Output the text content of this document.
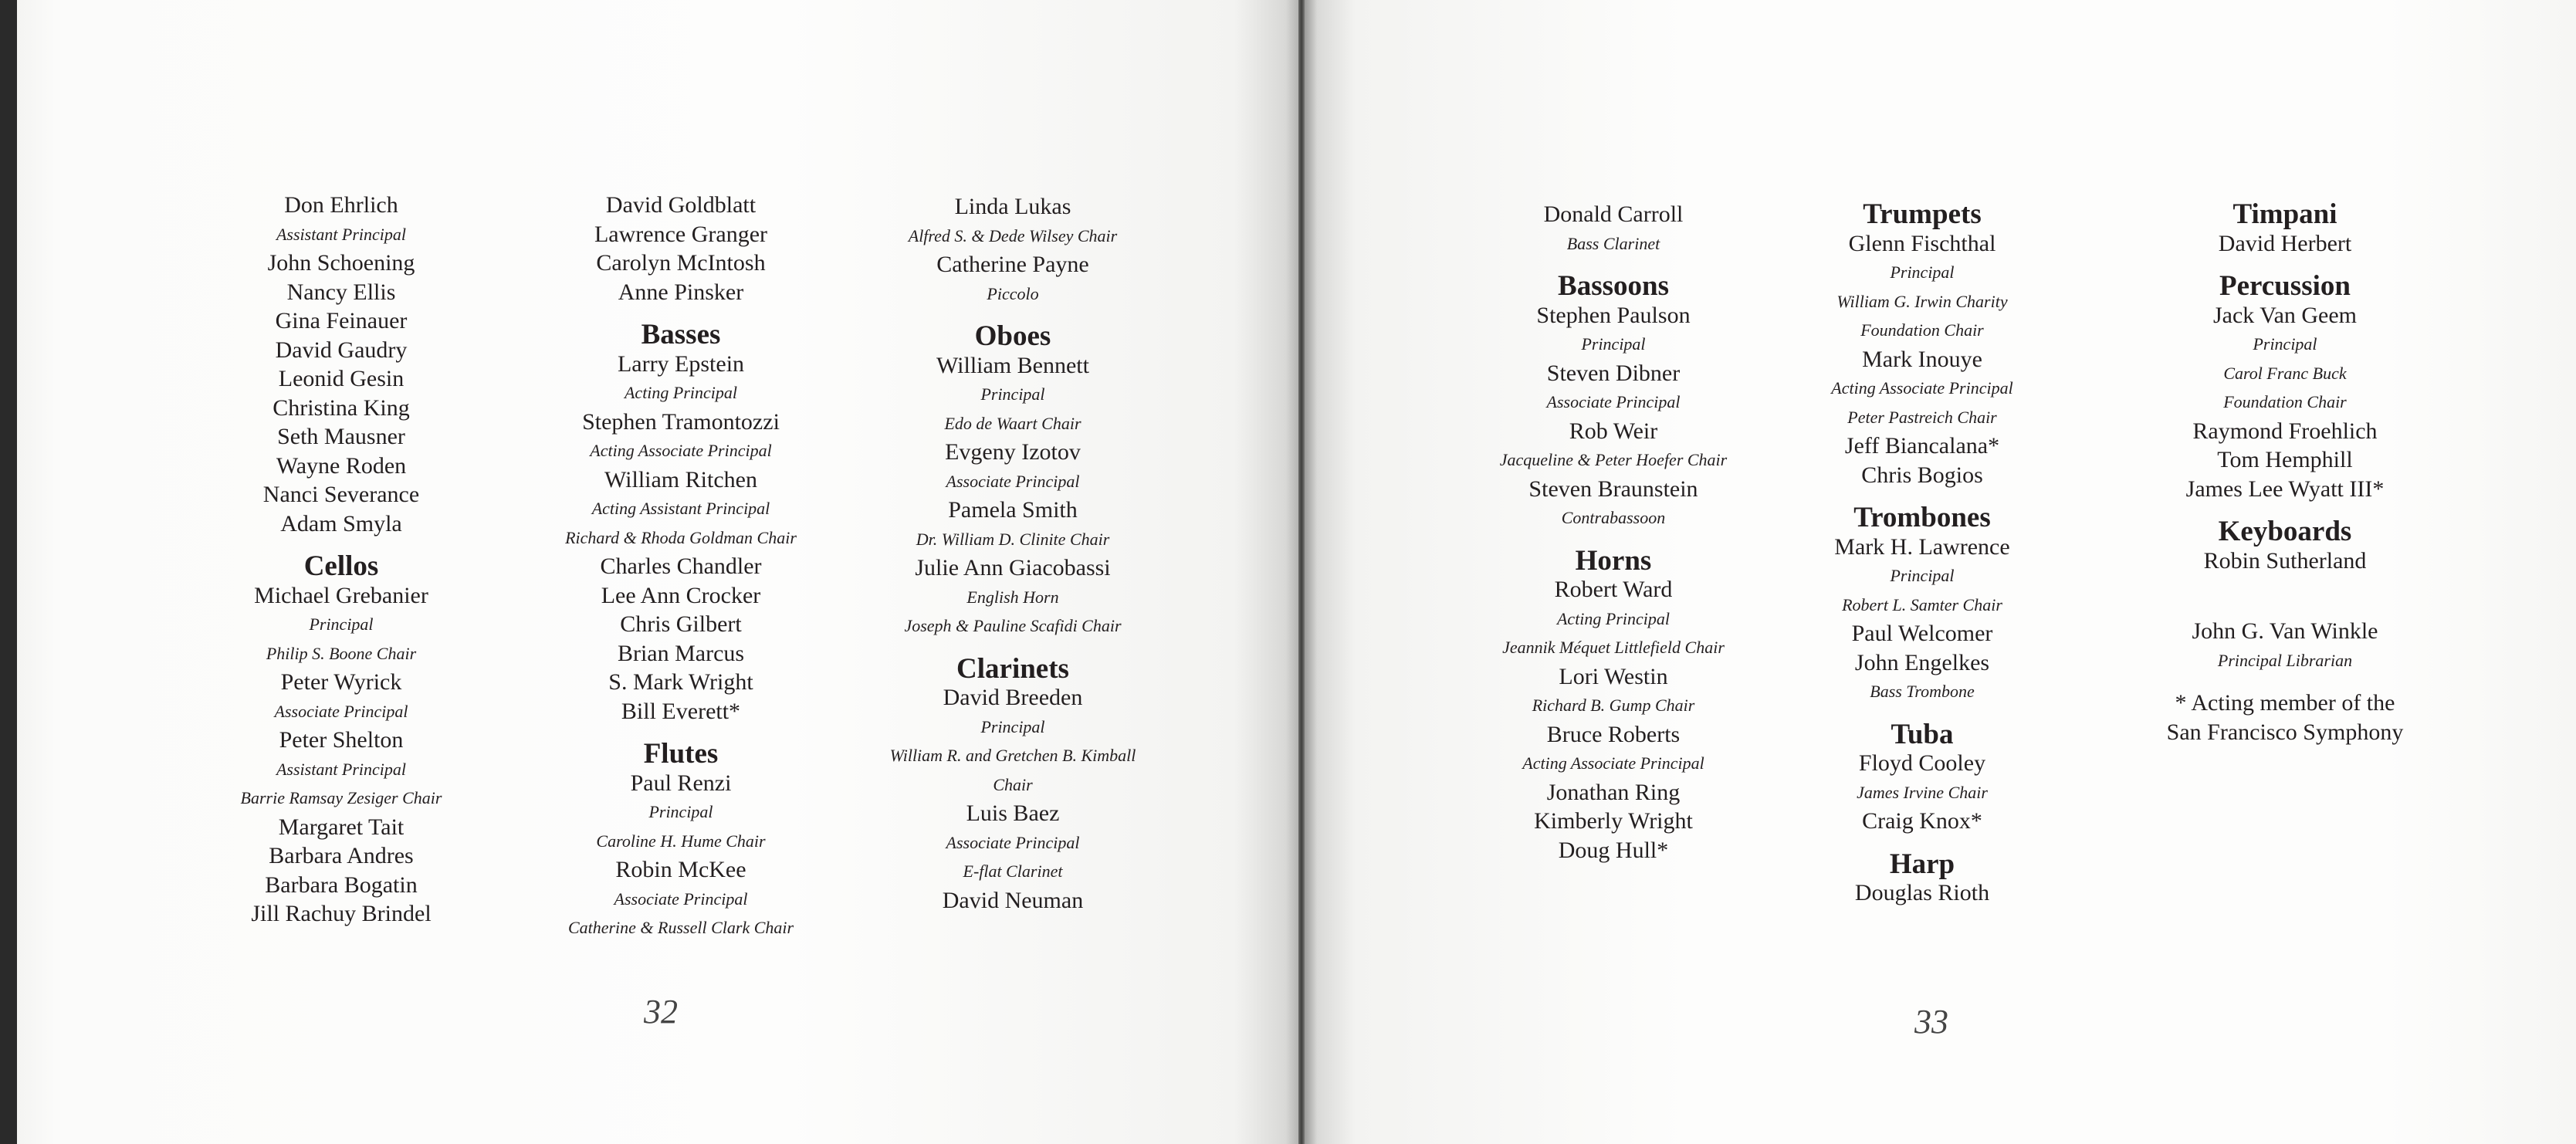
Don Ehrlich
Assistant Principal
John Schoening
Nancy Ellis
Gina Feinauer
David Gaudry
Leonid Gesin
Christina King
Seth Mausner
Wayne Roden
Nanci Severance
Adam Smyla
Cellos
Michael Grebanier
Principal
Philip S. Boone Chair
Peter Wyrick
Associate Principal
Peter Shelton
Assistant Principal
Barrie Ramsay Zesiger Chair
Margaret Tait
Barbara Andres
Barbara Bogatin
Jill Rachuy Brindel
David Goldblatt
Lawrence Granger
Carolyn McIntosh
Anne Pinsker
Basses
Larry Epstein
Acting Principal
Stephen Tramontozzi
Acting Associate Principal
William Ritchen
Acting Assistant Principal
Richard & Rhoda Goldman Chair
Charles Chandler
Lee Ann Crocker
Chris Gilbert
Brian Marcus
S. Mark Wright
Bill Everett*
Flutes
Paul Renzi
Principal
Caroline H. Hume Chair
Robin McKee
Associate Principal
Catherine & Russell Clark Chair
Linda Lukas
Alfred S. & Dede Wilsey Chair
Catherine Payne
Piccolo
Oboes
William Bennett
Principal
Edo de Waart Chair
Evgeny Izotov
Associate Principal
Pamela Smith
Dr. William D. Clinite Chair
Julie Ann Giacobassi
English Horn
Joseph & Pauline Scafidi Chair
Clarinets
David Breeden
Principal
William R. and Gretchen B. Kimball
Chair
Luis Baez
Associate Principal
E-flat Clarinet
David Neuman
32
Donald Carroll
Bass Clarinet
Bassoons
Stephen Paulson
Principal
Steven Dibner
Associate Principal
Rob Weir
Jacqueline & Peter Hoefer Chair
Steven Braunstein
Contrabassoon
Horns
Robert Ward
Acting Principal
Jeannik Méquet Littlefield Chair
Lori Westin
Richard B. Gump Chair
Bruce Roberts
Acting Associate Principal
Jonathan Ring
Kimberly Wright
Doug Hull*
Trumpets
Glenn Fischthal
Principal
William G. Irwin Charity
Foundation Chair
Mark Inouye
Acting Associate Principal
Peter Pastreich Chair
Jeff Biancalana*
Chris Bogios
Trombones
Mark H. Lawrence
Principal
Robert L. Samter Chair
Paul Welcomer
John Engelkes
Bass Trombone
Tuba
Floyd Cooley
James Irvine Chair
Craig Knox*
Harp
Douglas Rioth
Timpani
David Herbert
Percussion
Jack Van Geem
Principal
Carol Franc Buck
Foundation Chair
Raymond Froehlich
Tom Hemphill
James Lee Wyatt III*
Keyboards
Robin Sutherland
John G. Van Winkle
Principal Librarian
* Acting member of the
San Francisco Symphony
33
